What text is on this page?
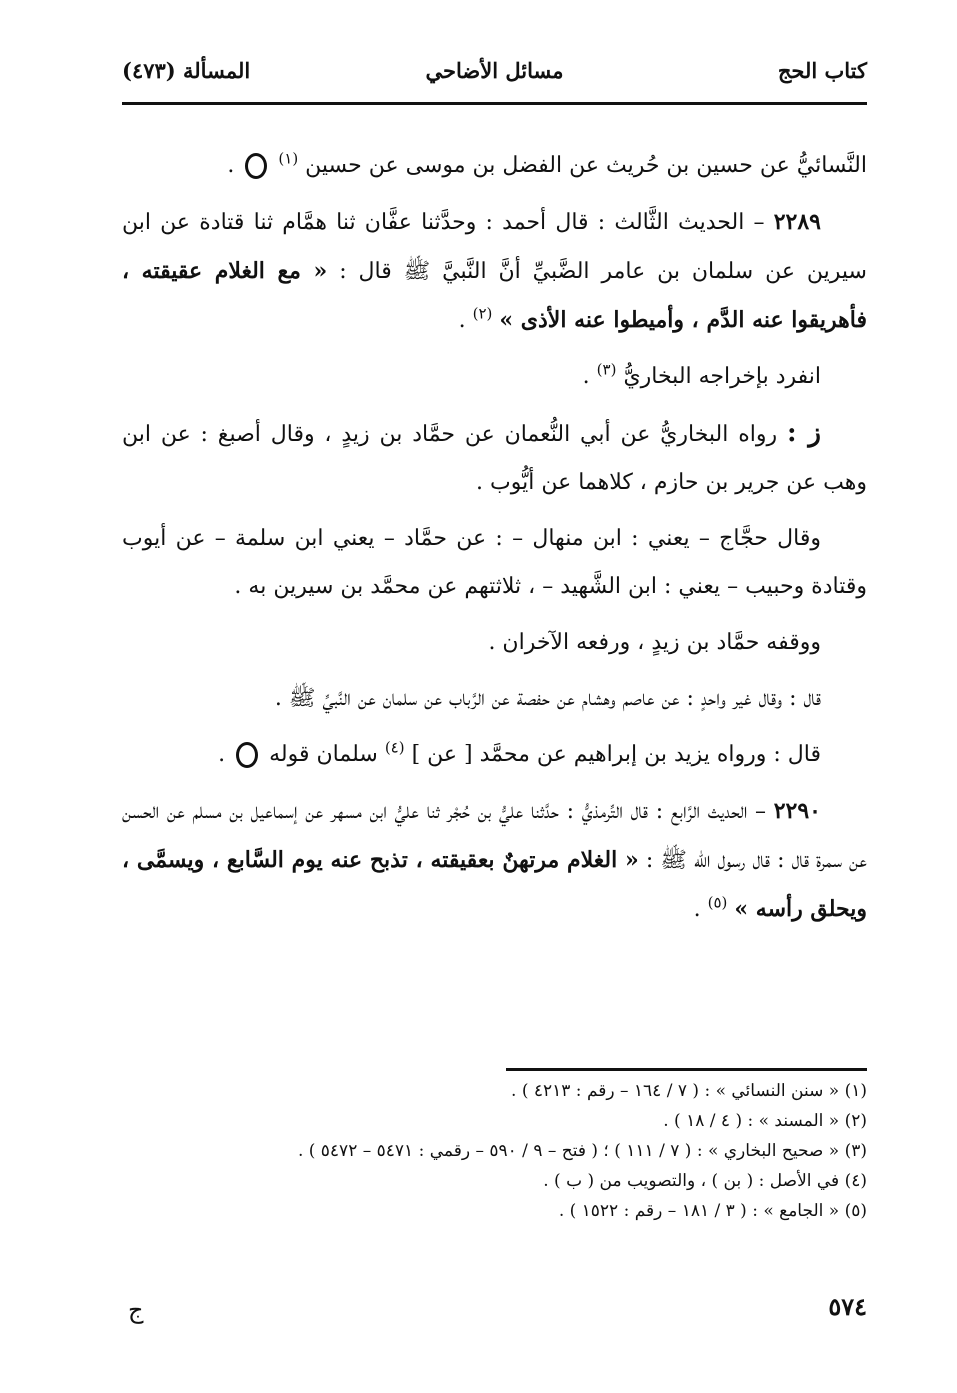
كتاب الحج
مسائل الأضاحي
المسألة (٤٧٣)

النَّسائيُّ عن حسين بن حُريث عن الفضل بن موسى عن حسين $^{(١)}$  .

٢٢٨٩ – الحديث الثَّالث : قال أحمد : وحدَّثنا عفَّان ثنا همَّام ثنا قتادة عن ابن سيرين عن سلمان بن عامر الضَّبيِّ أنَّ النَّبيَّ ﷺ قال : « مع الغلام عقيقته ، فأهريقوا عنه الدَّم ، وأميطوا عنه الأذى » $^{(٢)}$ .

انفرد بإخراجه البخاريُّ $^{(٣)}$ .

ز : رواه البخاريُّ عن أبي النُّعمان عن حمَّاد بن زيدٍ ، وقال أصبغ : عن ابن وهب عن جرير بن حازم ، كلاهما عن أيُّوب .

وقال حجَّاج – يعني : ابن منهال – : عن حمَّاد – يعني ابن سلمة – عن أيوب وقتادة وحبيب – يعني : ابن الشَّهيد – ، ثلاثتهم عن محمَّد بن سيرين به .

ووقفه حمَّاد بن زيدٍ ، ورفعه الآخران .

قال : وقال غير واحدٍ : عن عاصم وهشام عن حفصة عن الرَّباب عن سلمان عن النَّبيِّ ﷺ .

قال : ورواه يزيد بن إبراهيم عن محمَّد [ عن ] $^{(٤)}$ سلمان قوله  .

٢٢٩٠ – الحديث الرَّابع : قال التِّرمذيُّ : حدَّثنا عليُّ بن حُجْر ثنا عليُّ ابن مسهر عن إسماعيل بن مسلم عن الحسن عن سمرة قال : قال رسول الله ﷺ : « الغلام مرتهنٌ بعقيقته ، تذبح عنه يوم السَّابع ، ويسمَّى ، ويحلق رأسه » $^{(٥)}$ .

(١) « سنن النسائي » : ( ٧ / ١٦٤ – رقم : ٤٢١٣ ) .
(٢) « المسند » : ( ٤ / ١٨ ) .
(٣) « صحيح البخاري » : ( ٧ / ١١١ ) ؛ ( فتح – ٩ / ٥٩٠ – رقمي : ٥٤٧١ – ٥٤٧٢ ) .
(٤) في الأصل : ( بن ) ، والتصويب من ( ب ) .
(٥) « الجامع » : ( ٣ / ١٨١ – رقم : ١٥٢٢ ) .
٥٧٤
ج
